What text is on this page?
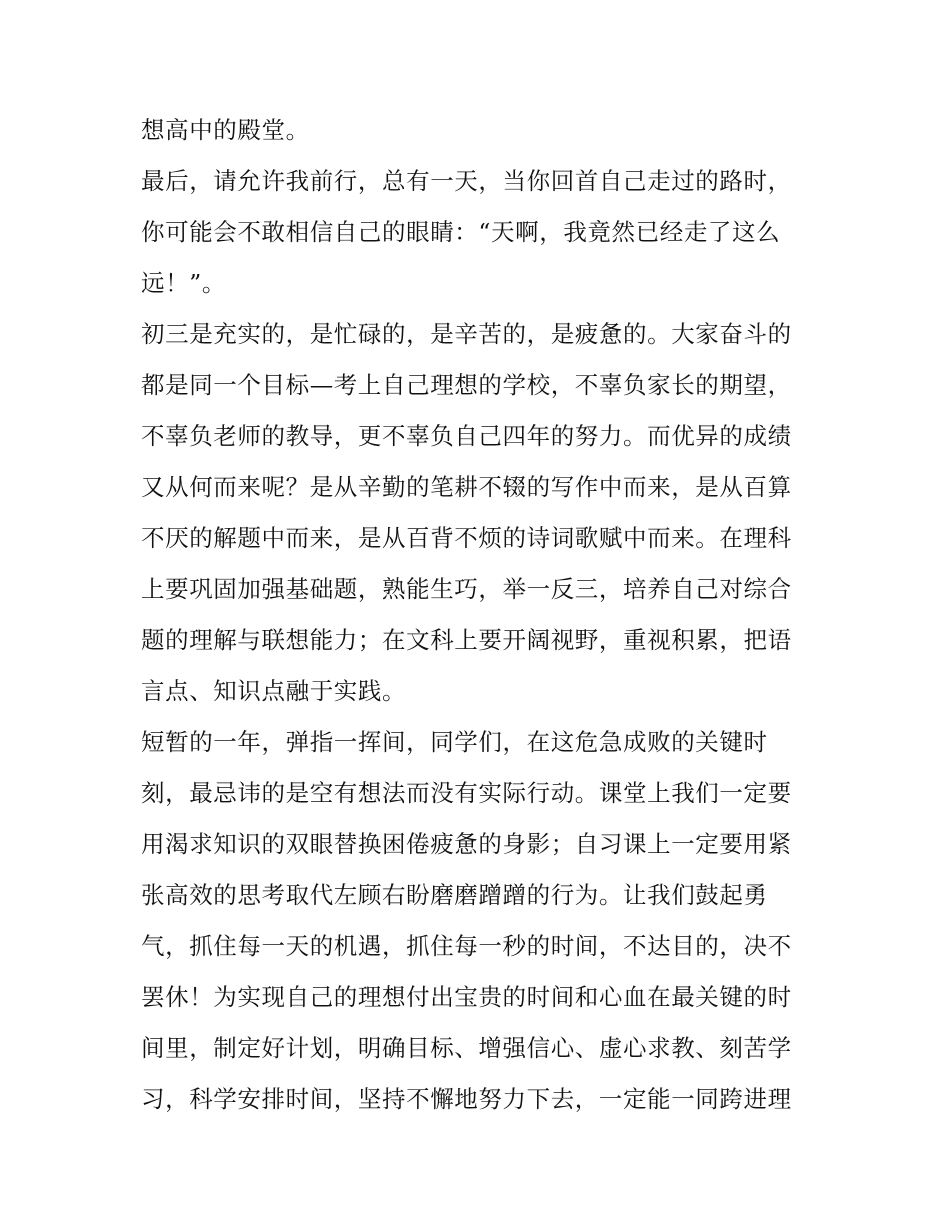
想高中的殿堂。
最后，请允许我前行，总有一天，当你回首自己走过的路时，
你可能会不敢相信自己的眼睛：“天啊，我竟然已经走了这么
远！”。
初三是充实的，是忙碌的，是辛苦的，是疲惫的。大家奋斗的
都是同一个目标—考上自己理想的学校，不辜负家长的期望，
不辜负老师的教导，更不辜负自己四年的努力。而优异的成绩
又从何而来呢？是从辛勤的笔耕不辍的写作中而来，是从百算
不厌的解题中而来，是从百背不烦的诗词歌赋中而来。在理科
上要巩固加强基础题，熟能生巧，举一反三，培养自己对综合
题的理解与联想能力；在文科上要开阔视野，重视积累，把语
言点、知识点融于实践。
短暂的一年，弹指一挥间，同学们，在这危急成败的关键时
刻，最忌讳的是空有想法而没有实际行动。课堂上我们一定要
用渴求知识的双眼替换困倦疲惫的身影；自习课上一定要用紧
张高效的思考取代左顾右盼磨磨蹭蹭的行为。让我们鼓起勇
气，抓住每一天的机遇，抓住每一秒的时间，不达目的，决不
罢休！为实现自己的理想付出宝贵的时间和心血在最关键的时
间里，制定好计划，明确目标、增强信心、虚心求教、刻苦学
习，科学安排时间，坚持不懈地努力下去，一定能一同跨进理
